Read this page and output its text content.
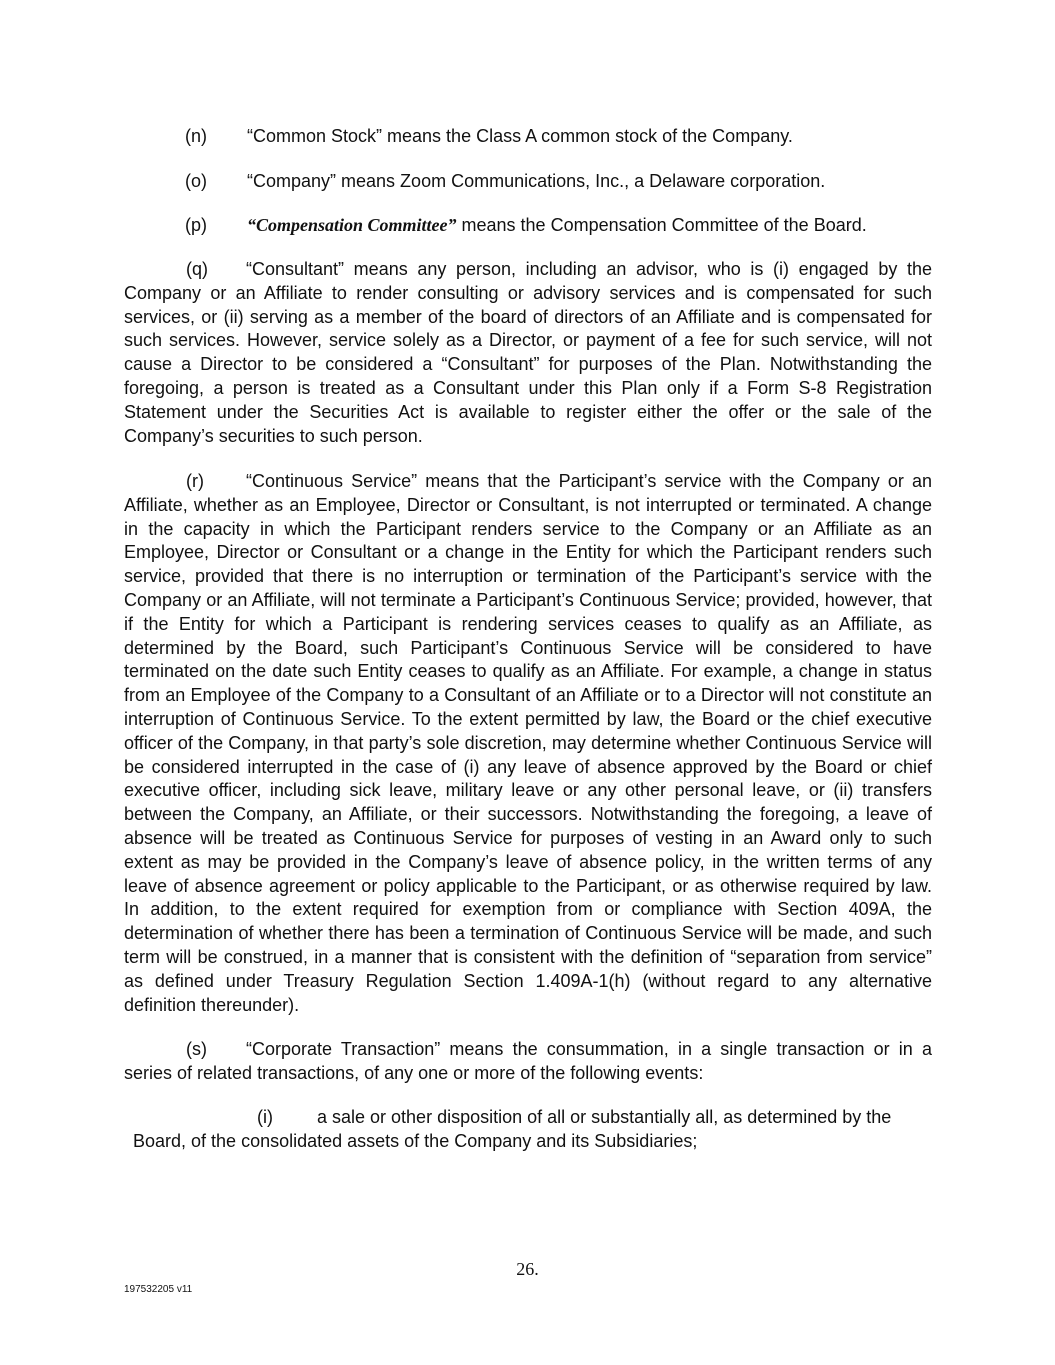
(n) “Common Stock” means the Class A common stock of the Company.
(o) “Company” means Zoom Communications, Inc., a Delaware corporation.
(p) “Compensation Committee” means the Compensation Committee of the Board.
(q) “Consultant” means any person, including an advisor, who is (i) engaged by the Company or an Affiliate to render consulting or advisory services and is compensated for such services, or (ii) serving as a member of the board of directors of an Affiliate and is compensated for such services. However, service solely as a Director, or payment of a fee for such service, will not cause a Director to be considered a “Consultant” for purposes of the Plan. Notwithstanding the foregoing, a person is treated as a Consultant under this Plan only if a Form S-8 Registration Statement under the Securities Act is available to register either the offer or the sale of the Company’s securities to such person.
(r) “Continuous Service” means that the Participant’s service with the Company or an Affiliate, whether as an Employee, Director or Consultant, is not interrupted or terminated. A change in the capacity in which the Participant renders service to the Company or an Affiliate as an Employee, Director or Consultant or a change in the Entity for which the Participant renders such service, provided that there is no interruption or termination of the Participant’s service with the Company or an Affiliate, will not terminate a Participant’s Continuous Service; provided, however, that if the Entity for which a Participant is rendering services ceases to qualify as an Affiliate, as determined by the Board, such Participant’s Continuous Service will be considered to have terminated on the date such Entity ceases to qualify as an Affiliate. For example, a change in status from an Employee of the Company to a Consultant of an Affiliate or to a Director will not constitute an interruption of Continuous Service. To the extent permitted by law, the Board or the chief executive officer of the Company, in that party’s sole discretion, may determine whether Continuous Service will be considered interrupted in the case of (i) any leave of absence approved by the Board or chief executive officer, including sick leave, military leave or any other personal leave, or (ii) transfers between the Company, an Affiliate, or their successors. Notwithstanding the foregoing, a leave of absence will be treated as Continuous Service for purposes of vesting in an Award only to such extent as may be provided in the Company’s leave of absence policy, in the written terms of any leave of absence agreement or policy applicable to the Participant, or as otherwise required by law. In addition, to the extent required for exemption from or compliance with Section 409A, the determination of whether there has been a termination of Continuous Service will be made, and such term will be construed, in a manner that is consistent with the definition of “separation from service” as defined under Treasury Regulation Section 1.409A-1(h) (without regard to any alternative definition thereunder).
(s) “Corporate Transaction” means the consummation, in a single transaction or in a series of related transactions, of any one or more of the following events:
(i) a sale or other disposition of all or substantially all, as determined by the Board, of the consolidated assets of the Company and its Subsidiaries;
26.
197532205 v11
